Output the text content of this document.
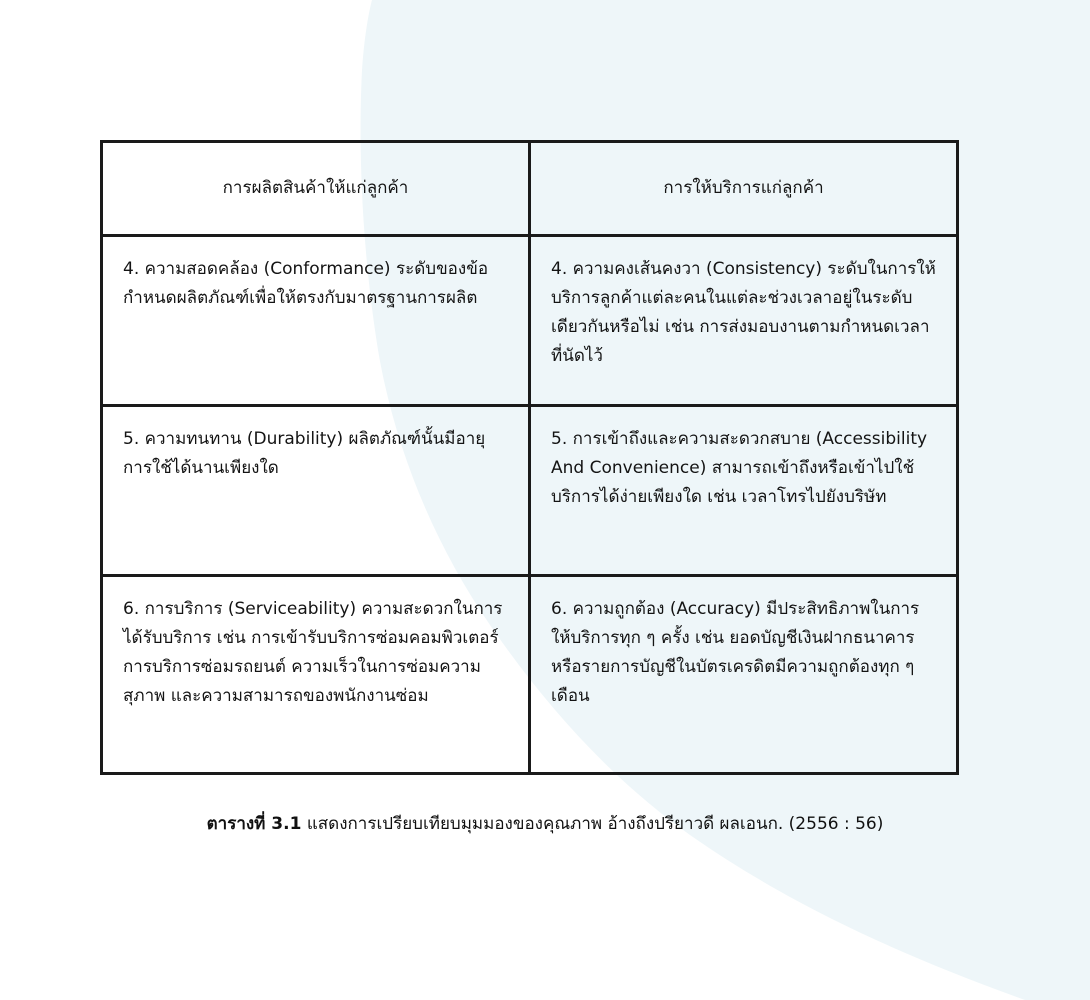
การผลิตสินค้าให้แก่ลูกค้า	การให้บริการแก่ลูกค้า
4. ความสอดคล้อง (Conformance) ระดับของข้อกำหนดผลิตภัณฑ์เพื่อให้ตรงกับมาตรฐานการผลิต	4. ความคงเส้นคงวา (Consistency) ระดับในการให้บริการลูกค้าแต่ละคนในแต่ละช่วงเวลาอยู่ในระดับเดียวกันหรือไม่ เช่น การส่งมอบงานตามกำหนดเวลาที่นัดไว้
5. ความทนทาน (Durability) ผลิตภัณฑ์นั้นมีอายุการใช้ได้นานเพียงใด	5. การเข้าถึงและความสะดวกสบาย (Accessibility And Convenience) สามารถเข้าถึงหรือเข้าไปใช้บริการได้ง่ายเพียงใด เช่น เวลาโทรไปยังบริษัท
6. การบริการ (Serviceability) ความสะดวกในการได้รับบริการ เช่น การเข้ารับบริการซ่อมคอมพิวเตอร์ การบริการซ่อมรถยนต์ ความเร็วในการซ่อมความสุภาพ และความสามารถของพนักงานซ่อม	6. ความถูกต้อง (Accuracy) มีประสิทธิภาพในการให้บริการทุก ๆ ครั้ง เช่น ยอดบัญชีเงินฝากธนาคาร หรือรายการบัญชีในบัตรเครดิตมีความถูกต้องทุก ๆ เดือน
ตารางที่ 3.1 แสดงการเปรียบเทียบมุมมองของคุณภาพ อ้างถึงปรียาวดี ผลเอนก. (2556 : 56)
